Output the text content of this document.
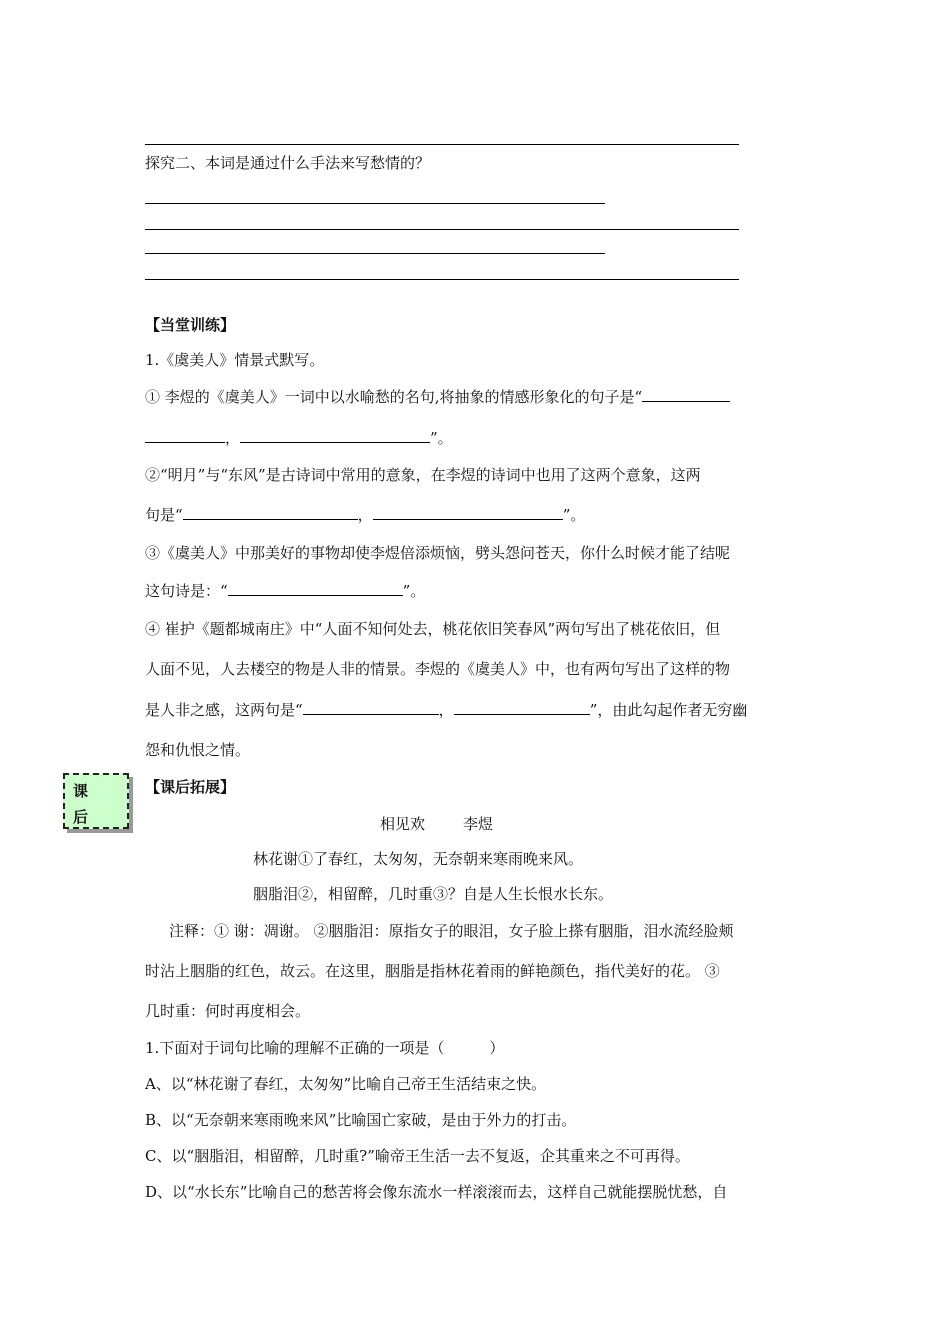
探究二、本词是通过什么手法来写愁情的？
【当堂训练】
1.《虞美人》情景式默写。
① 李煜的《虞美人》一词中以水喻愁的名句,将抽象的情感形象化的句子是“
，	”。
②“明月”与“东风”是古诗词中常用的意象，在李煜的诗词中也用了这两个意象，这两
句是“	，	”。
③《虞美人》中那美好的事物却使李煜倍添烦恼，劈头怨问苍天，你什么时候才能了结呢
这句诗是：“	”。
④ 崔护《题都城南庄》中“人面不知何处去，桃花依旧笑春风”两句写出了桃花依旧，但
人面不见，人去楼空的物是人非的情景。李煜的《虞美人》中，也有两句写出了这样的物
是人非之感，这两句是“	，	”，由此勾起作者无穷幽
怨和仇恨之情。
课
后
【课后拓展】
相见欢	李煜
林花谢①了春红，太匆匆，无奈朝来寒雨晚来风。
胭脂泪②，相留醉，几时重③？自是人生长恨水长东。
注释：① 谢：凋谢。 ②胭脂泪：原指女子的眼泪，女子脸上搽有胭脂，泪水流经脸颊
时沾上胭脂的红色，故云。在这里，胭脂是指林花着雨的鲜艳颜色，指代美好的花。 ③
几时重：何时再度相会。
1.下面对于词句比喻的理解不正确的一项是（　　　）
A、以“林花谢了春红，太匆匆”比喻自己帝王生活结束之快。
B、以“无奈朝来寒雨晚来风”比喻国亡家破，是由于外力的打击。
C、以“胭脂泪，相留醉，几时重?”喻帝王生活一去不复返，企其重来之不可再得。
D、以“水长东”比喻自己的愁苦将会像东流水一样滚滚而去，这样自己就能摆脱忧愁，自
